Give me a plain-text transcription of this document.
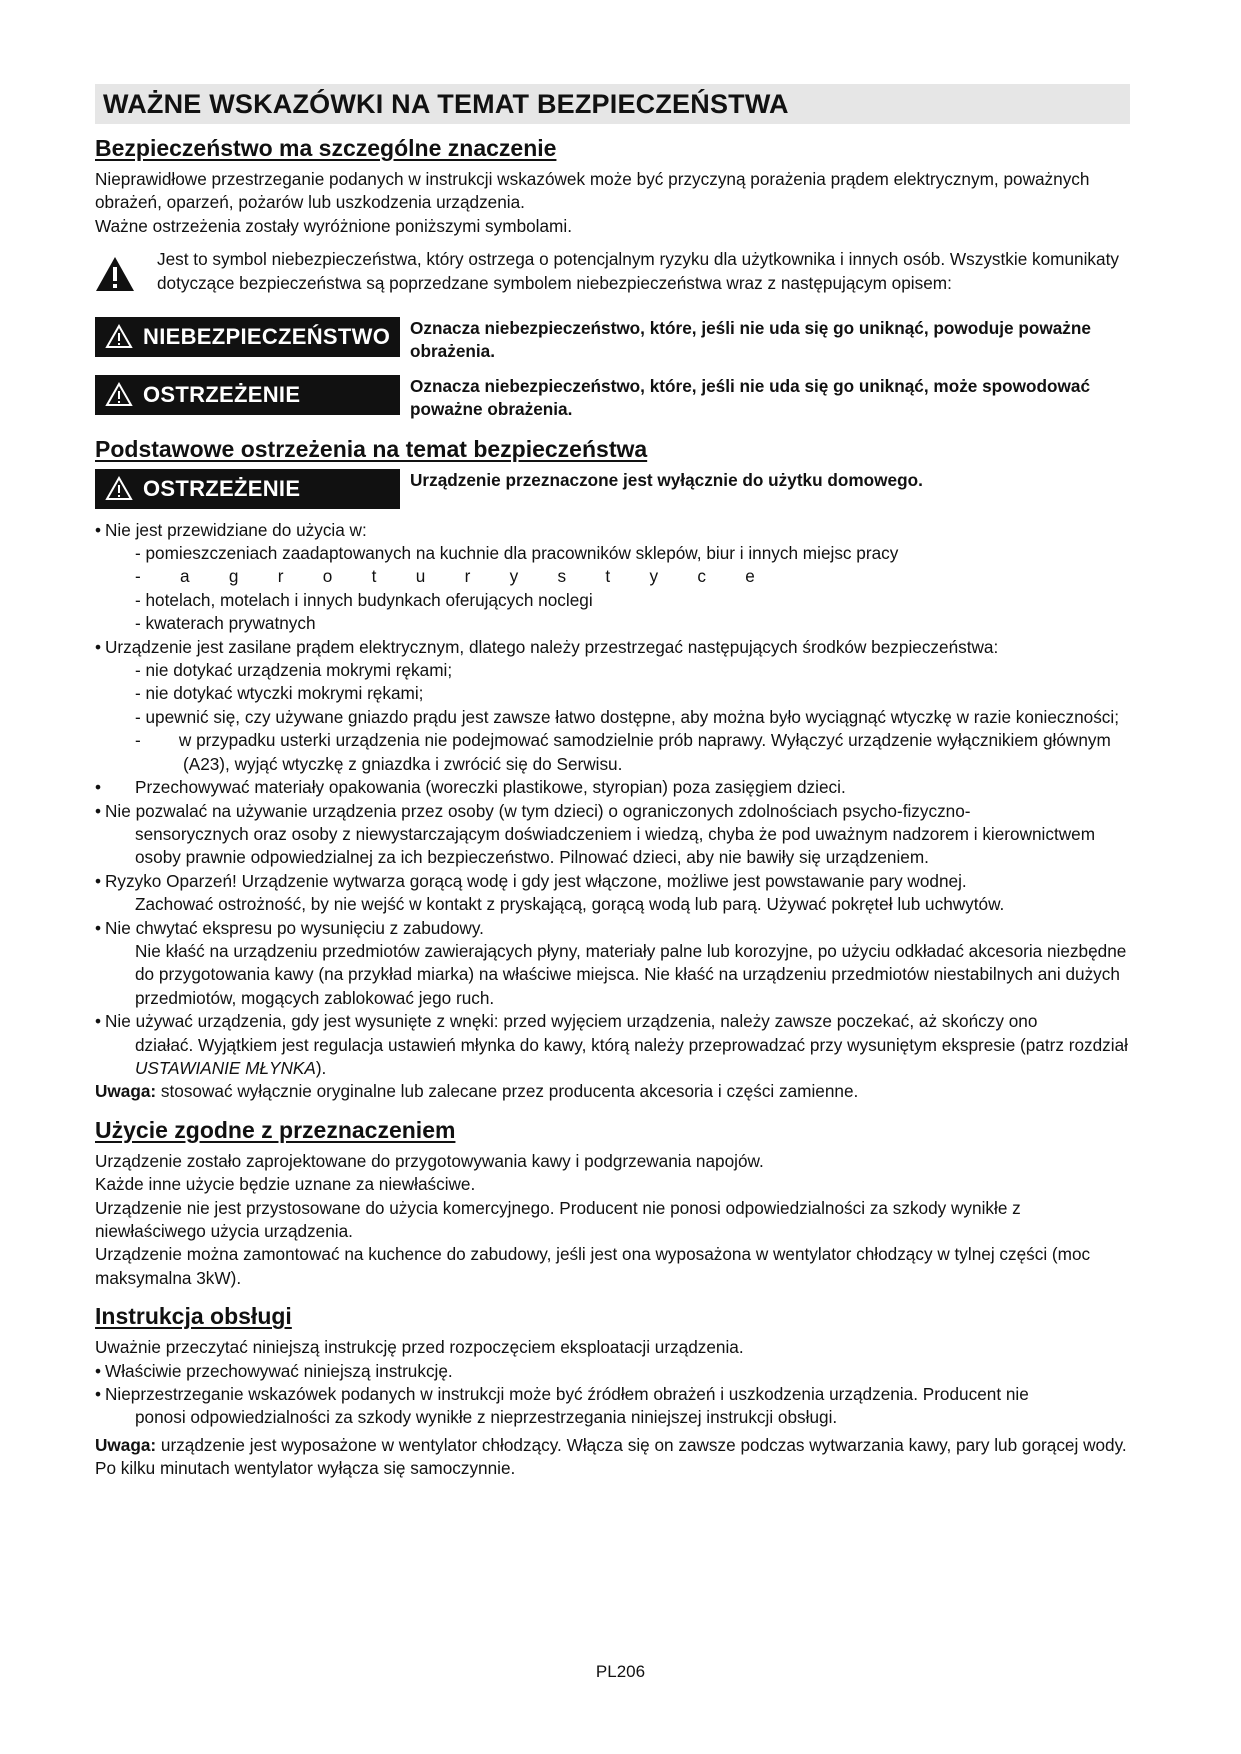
WAŻNE WSKAZÓWKI NA TEMAT BEZPIECZEŃSTWA
Bezpieczeństwo ma szczególne znaczenie

Nieprawidłowe przestrzeganie podanych w instrukcji wskazówek może być przyczyną porażenia prądem elektrycznym, poważnych obrażeń, oparzeń, pożarów lub uszkodzenia urządzenia.

Ważne ostrzeżenia zostały wyróżnione poniższymi symbolami.

Jest to symbol niebezpieczeństwa, który ostrzega o potencjalnym ryzyku dla użytkownika i innych osób. Wszystkie komunikaty dotyczące bezpieczeństwa są poprzedzane symbolem niebezpieczeństwa wraz z następującym opisem:
NIEBEZPIECZEŃSTWO Oznacza niebezpieczeństwo, które, jeśli nie uda się go uniknąć, powoduje poważne obrażenia.
OSTRZEŻENIE	Oznacza niebezpieczeństwo, które, jeśli nie uda się go uniknąć, może spowodować poważne obrażenia.
Podstawowe ostrzeżenia na temat bezpieczeństwa
OSTRZEŻENIE	Urządzenie przeznaczone jest wyłącznie do użytku domowego.

• Nie jest przewidziane do użycia w:

- pomieszczeniach zaadaptowanych na kuchnie dla pracowników sklepów, biur i innych miejsc pracy

- a g r o t u r y s t y c e

- hotelach, motelach i innych budynkach oferujących noclegi

- kwaterach prywatnych

• Urządzenie jest zasilane prądem elektrycznym, dlatego należy przestrzegać następujących środków bezpieczeństwa:

- nie dotykać urządzenia mokrymi rękami;

- nie dotykać wtyczki mokrymi rękami;

- upewnić się, czy używane gniazdo prądu jest zawsze łatwo dostępne, aby można było wyciągnąć wtyczkę w razie konieczności;

-        w przypadku usterki urządzenia nie podejmować samodzielnie prób naprawy. Wyłączyć urządzenie wyłącznikiem głównym (A23), wyjąć wtyczkę z gniazdka i zwrócić się do Serwisu.

• Przechowywać materiały opakowania (woreczki plastikowe, styropian) poza zasięgiem dzieci.

• Nie pozwalać na używanie urządzenia przez osoby (w tym dzieci) o ograniczonych zdolnościach psycho-fizyczno-

sensorycznych oraz osoby z niewystarczającym doświadczeniem i wiedzą, chyba że pod uważnym nadzorem i kierownictwem osoby prawnie odpowiedzialnej za ich bezpieczeństwo. Pilnować dzieci, aby nie bawiły się urządzeniem.

• Ryzyko Oparzeń! Urządzenie wytwarza gorącą wodę i gdy jest włączone, możliwe jest powstawanie pary wodnej.

Zachować ostrożność, by nie wejść w kontakt z pryskającą, gorącą wodą lub parą. Używać pokręteł lub uchwytów.

• Nie chwytać ekspresu po wysunięciu z zabudowy.

Nie kłaść na urządzeniu przedmiotów zawierających płyny, materiały palne lub korozyjne, po użyciu odkładać akcesoria niezbędne do przygotowania kawy (na przykład miarka) na właściwe miejsca. Nie kłaść na urządzeniu przedmiotów niestabilnych ani dużych przedmiotów, mogących zablokować jego ruch.

• Nie używać urządzenia, gdy jest wysunięte z wnęki: przed wyjęciem urządzenia, należy zawsze poczekać, aż skończy ono

działać. Wyjątkiem jest regulacja ustawień młynka do kawy, którą należy przeprowadzać przy wysuniętym ekspresie (patrz rozdział USTAWIANIE MŁYNKA).

Uwaga: stosować wyłącznie oryginalne lub zalecane przez producenta akcesoria i części zamienne.

Użycie zgodne z przeznaczeniem

Urządzenie zostało zaprojektowane do przygotowywania kawy i podgrzewania napojów.

Każde inne użycie będzie uznane za niewłaściwe.

Urządzenie nie jest przystosowane do użycia komercyjnego. Producent nie ponosi odpowiedzialności za szkody wynikłe z niewłaściwego użycia urządzenia.

Urządzenie można zamontować na kuchence do zabudowy, jeśli jest ona wyposażona w wentylator chłodzący w tylnej części (moc maksymalna 3kW).

Instrukcja obsługi

Uważnie przeczytać niniejszą instrukcję przed rozpoczęciem eksploatacji urządzenia.

• Właściwie przechowywać niniejszą instrukcję.

• Nieprzestrzeganie wskazówek podanych w instrukcji może być źródłem obrażeń i uszkodzenia urządzenia. Producent nie

ponosi odpowiedzialności za szkody wynikłe z nieprzestrzegania niniejszej instrukcji obsługi.

Uwaga: urządzenie jest wyposażone w wentylator chłodzący. Włącza się on zawsze podczas wytwarzania kawy, pary lub gorącej wody. Po kilku minutach wentylator wyłącza się samoczynnie.

PL206
